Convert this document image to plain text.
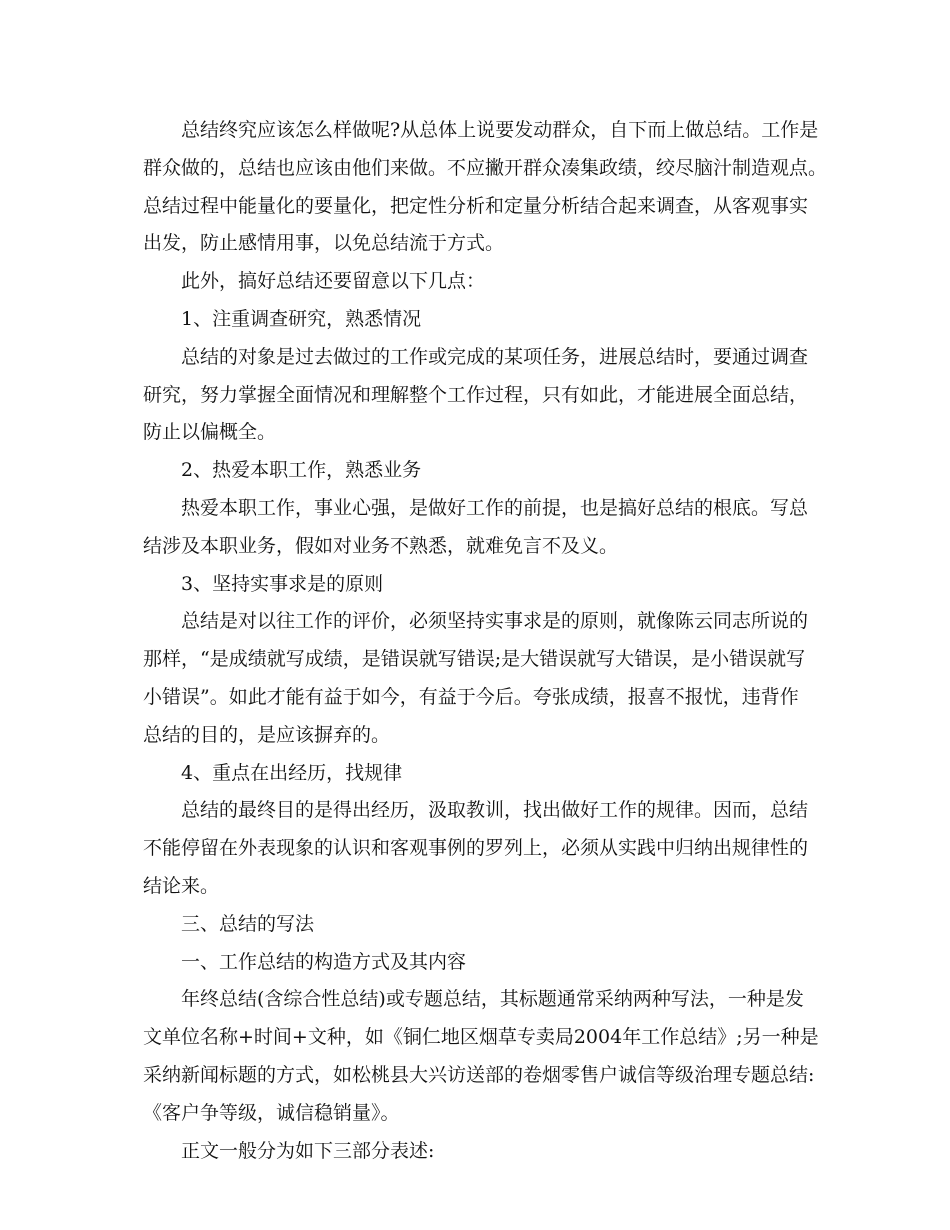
总结终究应该怎么样做呢?从总体上说要发动群众，自下而上做总结。工作是
群众做的，总结也应该由他们来做。不应撇开群众凑集政绩，绞尽脑汁制造观点。
总结过程中能量化的要量化，把定性分析和定量分析结合起来调查，从客观事实
出发，防止感情用事，以免总结流于方式。
此外，搞好总结还要留意以下几点：
1、注重调查研究，熟悉情况
总结的对象是过去做过的工作或完成的某项任务，进展总结时，要通过调查
研究，努力掌握全面情况和理解整个工作过程，只有如此，才能进展全面总结，
防止以偏概全。
2、热爱本职工作，熟悉业务
热爱本职工作，事业心强，是做好工作的前提，也是搞好总结的根底。写总
结涉及本职业务，假如对业务不熟悉，就难免言不及义。
3、坚持实事求是的原则
总结是对以往工作的评价，必须坚持实事求是的原则，就像陈云同志所说的
那样，“是成绩就写成绩，是错误就写错误;是大错误就写大错误，是小错误就写
小错误”。如此才能有益于如今，有益于今后。夸张成绩，报喜不报忧，违背作
总结的目的，是应该摒弃的。
4、重点在出经历，找规律
总结的最终目的是得出经历，汲取教训，找出做好工作的规律。因而，总结
不能停留在外表现象的认识和客观事例的罗列上，必须从实践中归纳出规律性的
结论来。
三、总结的写法
一、工作总结的构造方式及其内容
年终总结(含综合性总结)或专题总结，其标题通常采纳两种写法，一种是发
文单位名称+时间+文种，如《铜仁地区烟草专卖局2004年工作总结》;另一种是
采纳新闻标题的方式，如松桃县大兴访送部的卷烟零售户诚信等级治理专题总结:
《客户争等级，诚信稳销量》。
正文一般分为如下三部分表述:
